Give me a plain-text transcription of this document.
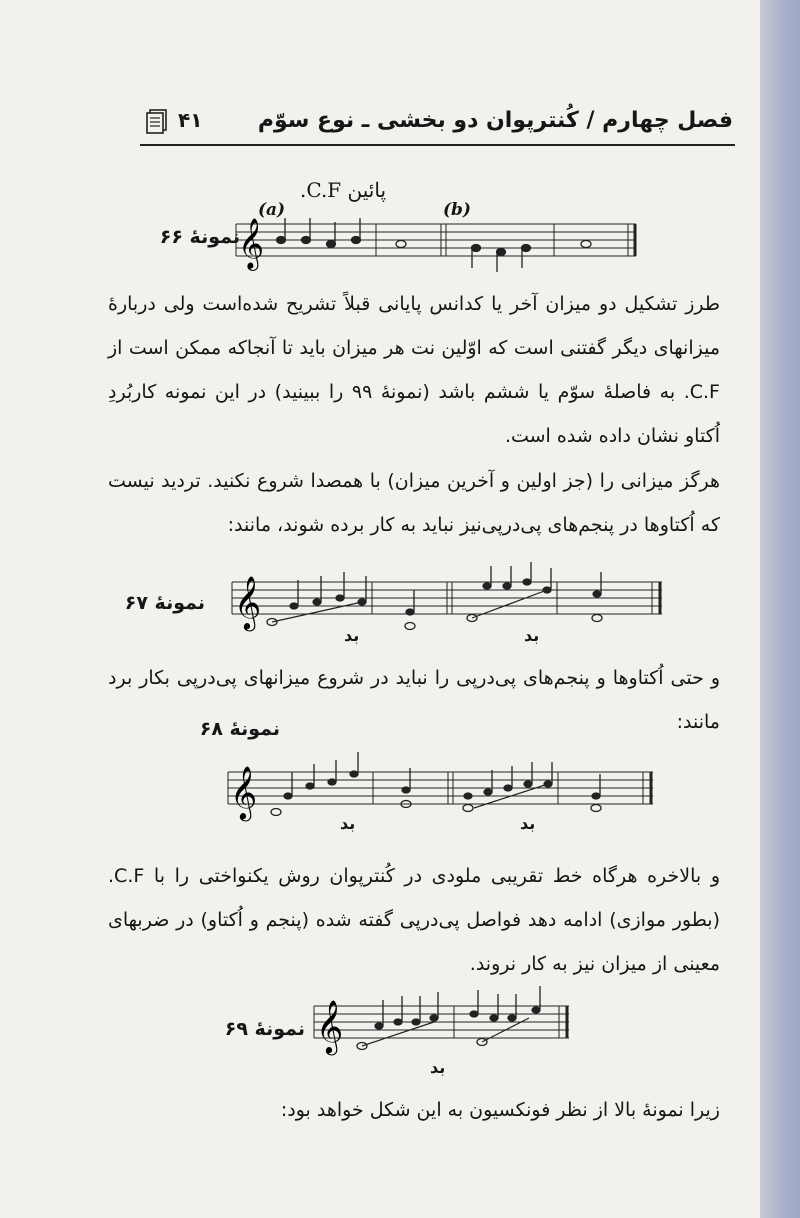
۴۱	فصل چهارم / کُنترپوان دو بخشی ـ نوع سوّم
نمونهٔ ۶۶
پائین C.F.
(a)	(b)
𝄞

طرز تشکیل دو میزان آخر یا کدانس پایانی قبلاً تشریح شده‌است ولی دربارهٔ میزانهای دیگر گفتنی است که اوّلین نت هر میزان باید تا آنجاکه ممکن است از C.F. به فاصلهٔ سوّم یا ششم باشد (نمونهٔ ۹۹ را ببینید) در این نمونه کاربُردِ اُکتاو نشان داده شده است.

هرگز میزانی را (جز اولین و آخرین میزان) با همصدا شروع نکنید. تردید نیست که اُکتاوها در پنجم‌های پی‌درپی‌نیز نباید به کار برده شوند، مانند:

نمونهٔ ۶۷ 𝄞
بد	بد

و حتی اُکتاوها و پنجم‌های پی‌درپی را نباید در شروع میزانهای پی‌درپی بکار برد مانند:

نمونهٔ ۶۸
𝄞
بد	بد

و بالاخره هرگاه خط تقریبی ملودی در کُنترپوان روش یکنواختی را با C.F. (بطور موازی) ادامه دهد فواصل پی‌درپی گفته شده (پنجم و اُکتاو) در ضربهای معینی از میزان نیز به کار نروند.

نمونهٔ ۶۹ 𝄞
بد

زیرا نمونهٔ بالا از نظر فونکسیون به این شکل خواهد بود:
